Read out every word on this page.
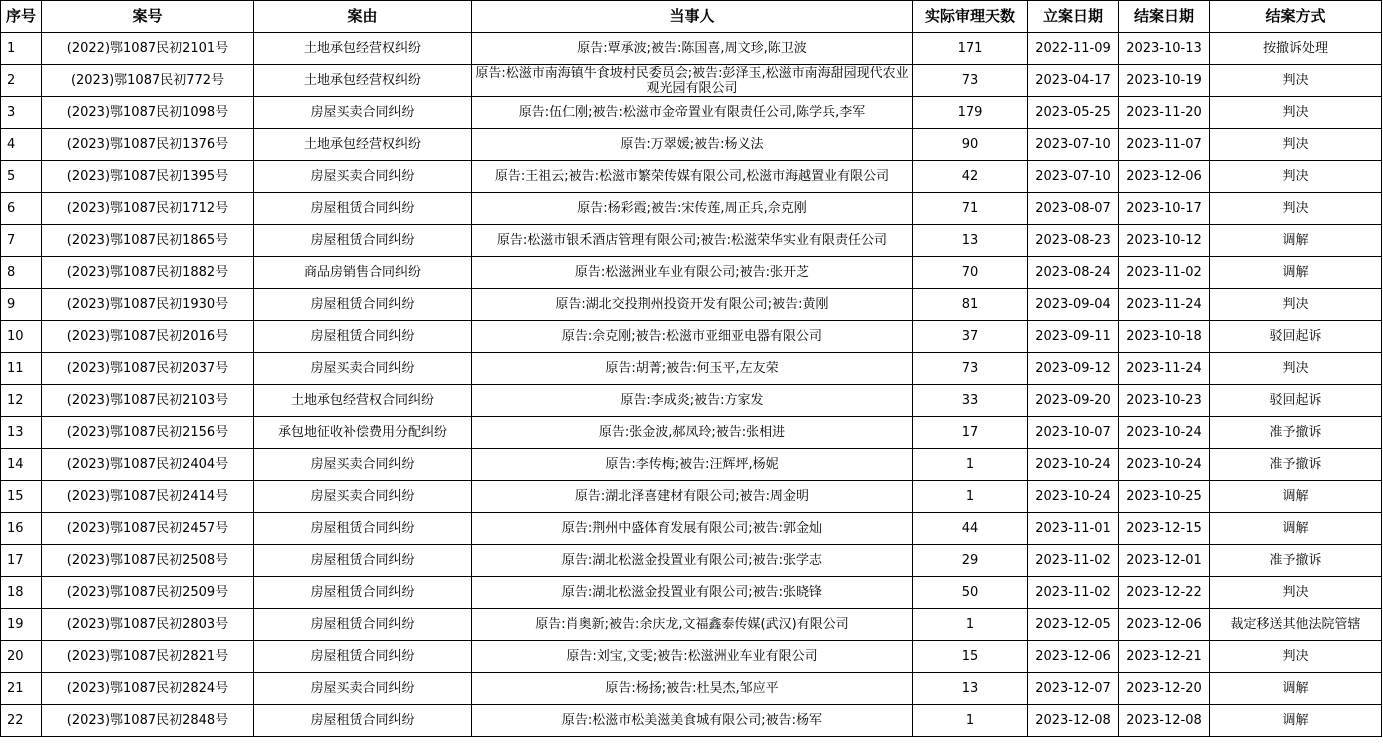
序号	案号	案由	当事人	实际审理天数	立案日期	结案日期	结案方式
1	(2022)鄂1087民初2101号	土地承包经营权纠纷	原告:覃承波;被告:陈国喜,周文珍,陈卫波	171	2022-11-09	2023-10-13	按撤诉处理
2	(2023)鄂1087民初772号	土地承包经营权纠纷	原告:松滋市南海镇牛食坡村民委员会;被告:彭泽玉,松滋市南海甜园现代农业观光园有限公司	73	2023-04-17	2023-10-19	判决
3	(2023)鄂1087民初1098号	房屋买卖合同纠纷	原告:伍仁刚;被告:松滋市金帝置业有限责任公司,陈学兵,李军	179	2023-05-25	2023-11-20	判决
4	(2023)鄂1087民初1376号	土地承包经营权纠纷	原告:万翠媛;被告:杨义法	90	2023-07-10	2023-11-07	判决
5	(2023)鄂1087民初1395号	房屋买卖合同纠纷	原告:王祖云;被告:松滋市繁荣传媒有限公司,松滋市海越置业有限公司	42	2023-07-10	2023-12-06	判决
6	(2023)鄂1087民初1712号	房屋租赁合同纠纷	原告:杨彩霞;被告:宋传莲,周正兵,佘克刚	71	2023-08-07	2023-10-17	判决
7	(2023)鄂1087民初1865号	房屋租赁合同纠纷	原告:松滋市银禾酒店管理有限公司;被告:松滋荣华实业有限责任公司	13	2023-08-23	2023-10-12	调解
8	(2023)鄂1087民初1882号	商品房销售合同纠纷	原告:松滋洲业车业有限公司;被告:张开芝	70	2023-08-24	2023-11-02	调解
9	(2023)鄂1087民初1930号	房屋租赁合同纠纷	原告:湖北交投荆州投资开发有限公司;被告:黄刚	81	2023-09-04	2023-11-24	判决
10	(2023)鄂1087民初2016号	房屋租赁合同纠纷	原告:佘克刚;被告:松滋市亚细亚电器有限公司	37	2023-09-11	2023-10-18	驳回起诉
11	(2023)鄂1087民初2037号	房屋买卖合同纠纷	原告:胡菁;被告:何玉平,左友荣	73	2023-09-12	2023-11-24	判决
12	(2023)鄂1087民初2103号	土地承包经营权合同纠纷	原告:李成炎;被告:方家发	33	2023-09-20	2023-10-23	驳回起诉
13	(2023)鄂1087民初2156号	承包地征收补偿费用分配纠纷	原告:张金波,郝凤玲;被告:张相进	17	2023-10-07	2023-10-24	准予撤诉
14	(2023)鄂1087民初2404号	房屋买卖合同纠纷	原告:李传梅;被告:汪辉坪,杨妮	1	2023-10-24	2023-10-24	准予撤诉
15	(2023)鄂1087民初2414号	房屋买卖合同纠纷	原告:湖北泽喜建材有限公司;被告:周金明	1	2023-10-24	2023-10-25	调解
16	(2023)鄂1087民初2457号	房屋租赁合同纠纷	原告:荆州中盛体育发展有限公司;被告:郭金灿	44	2023-11-01	2023-12-15	调解
17	(2023)鄂1087民初2508号	房屋租赁合同纠纷	原告:湖北松滋金投置业有限公司;被告:张学志	29	2023-11-02	2023-12-01	准予撤诉
18	(2023)鄂1087民初2509号	房屋租赁合同纠纷	原告:湖北松滋金投置业有限公司;被告:张晓锋	50	2023-11-02	2023-12-22	判决
19	(2023)鄂1087民初2803号	房屋租赁合同纠纷	原告:肖奥新;被告:余庆龙,文福鑫泰传媒(武汉)有限公司	1	2023-12-05	2023-12-06	裁定移送其他法院管辖
20	(2023)鄂1087民初2821号	房屋租赁合同纠纷	原告:刘宝,文雯;被告:松滋洲业车业有限公司	15	2023-12-06	2023-12-21	判决
21	(2023)鄂1087民初2824号	房屋买卖合同纠纷	原告:杨扬;被告:杜昊杰,邹应平	13	2023-12-07	2023-12-20	调解
22	(2023)鄂1087民初2848号	房屋租赁合同纠纷	原告:松滋市松美滋美食城有限公司;被告:杨军	1	2023-12-08	2023-12-08	调解
